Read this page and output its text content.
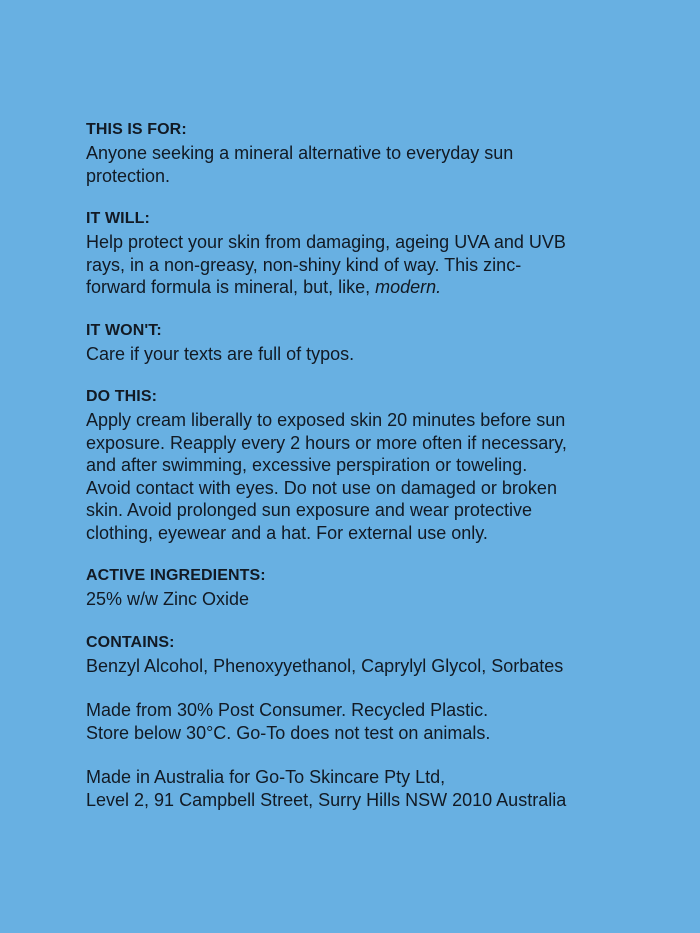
THIS IS FOR:

Anyone seeking a mineral alternative to everyday sun
protection.

IT WILL:

Help protect your skin from damaging, ageing UVA and UVB
rays, in a non-greasy, non-shiny kind of way. This zinc-
forward formula is mineral, but, like, modern.

IT WON'T:

Care if your texts are full of typos.

DO THIS:

Apply cream liberally to exposed skin 20 minutes before sun
exposure. Reapply every 2 hours or more often if necessary,
and after swimming, excessive perspiration or toweling.
Avoid contact with eyes. Do not use on damaged or broken
skin. Avoid prolonged sun exposure and wear protective
clothing, eyewear and a hat. For external use only.

ACTIVE INGREDIENTS:

25% w/w Zinc Oxide

CONTAINS:

Benzyl Alcohol, Phenoxyyethanol, Caprylyl Glycol, Sorbates

Made from 30% Post Consumer. Recycled Plastic.
Store below 30°C. Go-To does not test on animals.

Made in Australia for Go-To Skincare Pty Ltd,
Level 2, 91 Campbell Street, Surry Hills NSW 2010 Australia
